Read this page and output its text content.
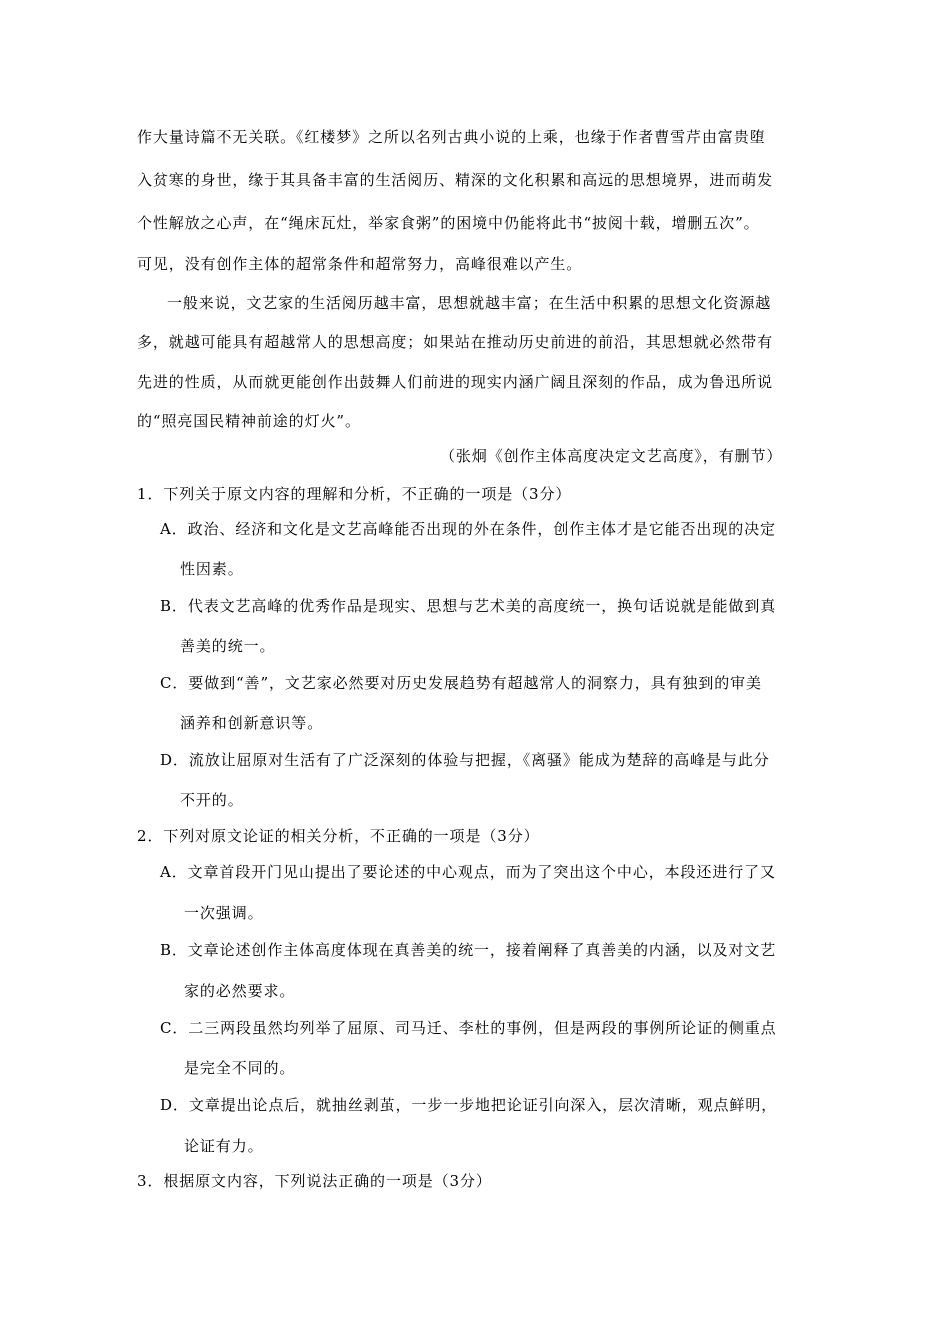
作大量诗篇不无关联。《红楼梦》之所以名列古典小说的上乘，也缘于作者曹雪芹由富贵堕
入贫寒的身世，缘于其具备丰富的生活阅历、精深的文化积累和高远的思想境界，进而萌发
个性解放之心声，在“绳床瓦灶，举家食粥”的困境中仍能将此书“披阅十载，增删五次”。
可见，没有创作主体的超常条件和超常努力，高峰很难以产生。
一般来说，文艺家的生活阅历越丰富，思想就越丰富；在生活中积累的思想文化资源越
多，就越可能具有超越常人的思想高度；如果站在推动历史前进的前沿，其思想就必然带有
先进的性质，从而就更能创作出鼓舞人们前进的现实内涵广阔且深刻的作品，成为鲁迅所说
的“照亮国民精神前途的灯火”。
（张炯《创作主体高度决定文艺高度》，有删节）
1．下列关于原文内容的理解和分析，不正确的一项是（3分）
A．政治、经济和文化是文艺高峰能否出现的外在条件，创作主体才是它能否出现的决定
性因素。
B．代表文艺高峰的优秀作品是现实、思想与艺术美的高度统一，换句话说就是能做到真
善美的统一。
C．要做到“善”，文艺家必然要对历史发展趋势有超越常人的洞察力，具有独到的审美
涵养和创新意识等。
D．流放让屈原对生活有了广泛深刻的体验与把握，《离骚》能成为楚辞的高峰是与此分
不开的。
2．下列对原文论证的相关分析，不正确的一项是（3分）
A．文章首段开门见山提出了要论述的中心观点，而为了突出这个中心，本段还进行了又
一次强调。
B．文章论述创作主体高度体现在真善美的统一，接着阐释了真善美的内涵，以及对文艺
家的必然要求。
C．二三两段虽然均列举了屈原、司马迁、李杜的事例，但是两段的事例所论证的侧重点
是完全不同的。
D．文章提出论点后，就抽丝剥茧，一步一步地把论证引向深入，层次清晰，观点鲜明，
论证有力。
3．根据原文内容，下列说法正确的一项是（3分）
